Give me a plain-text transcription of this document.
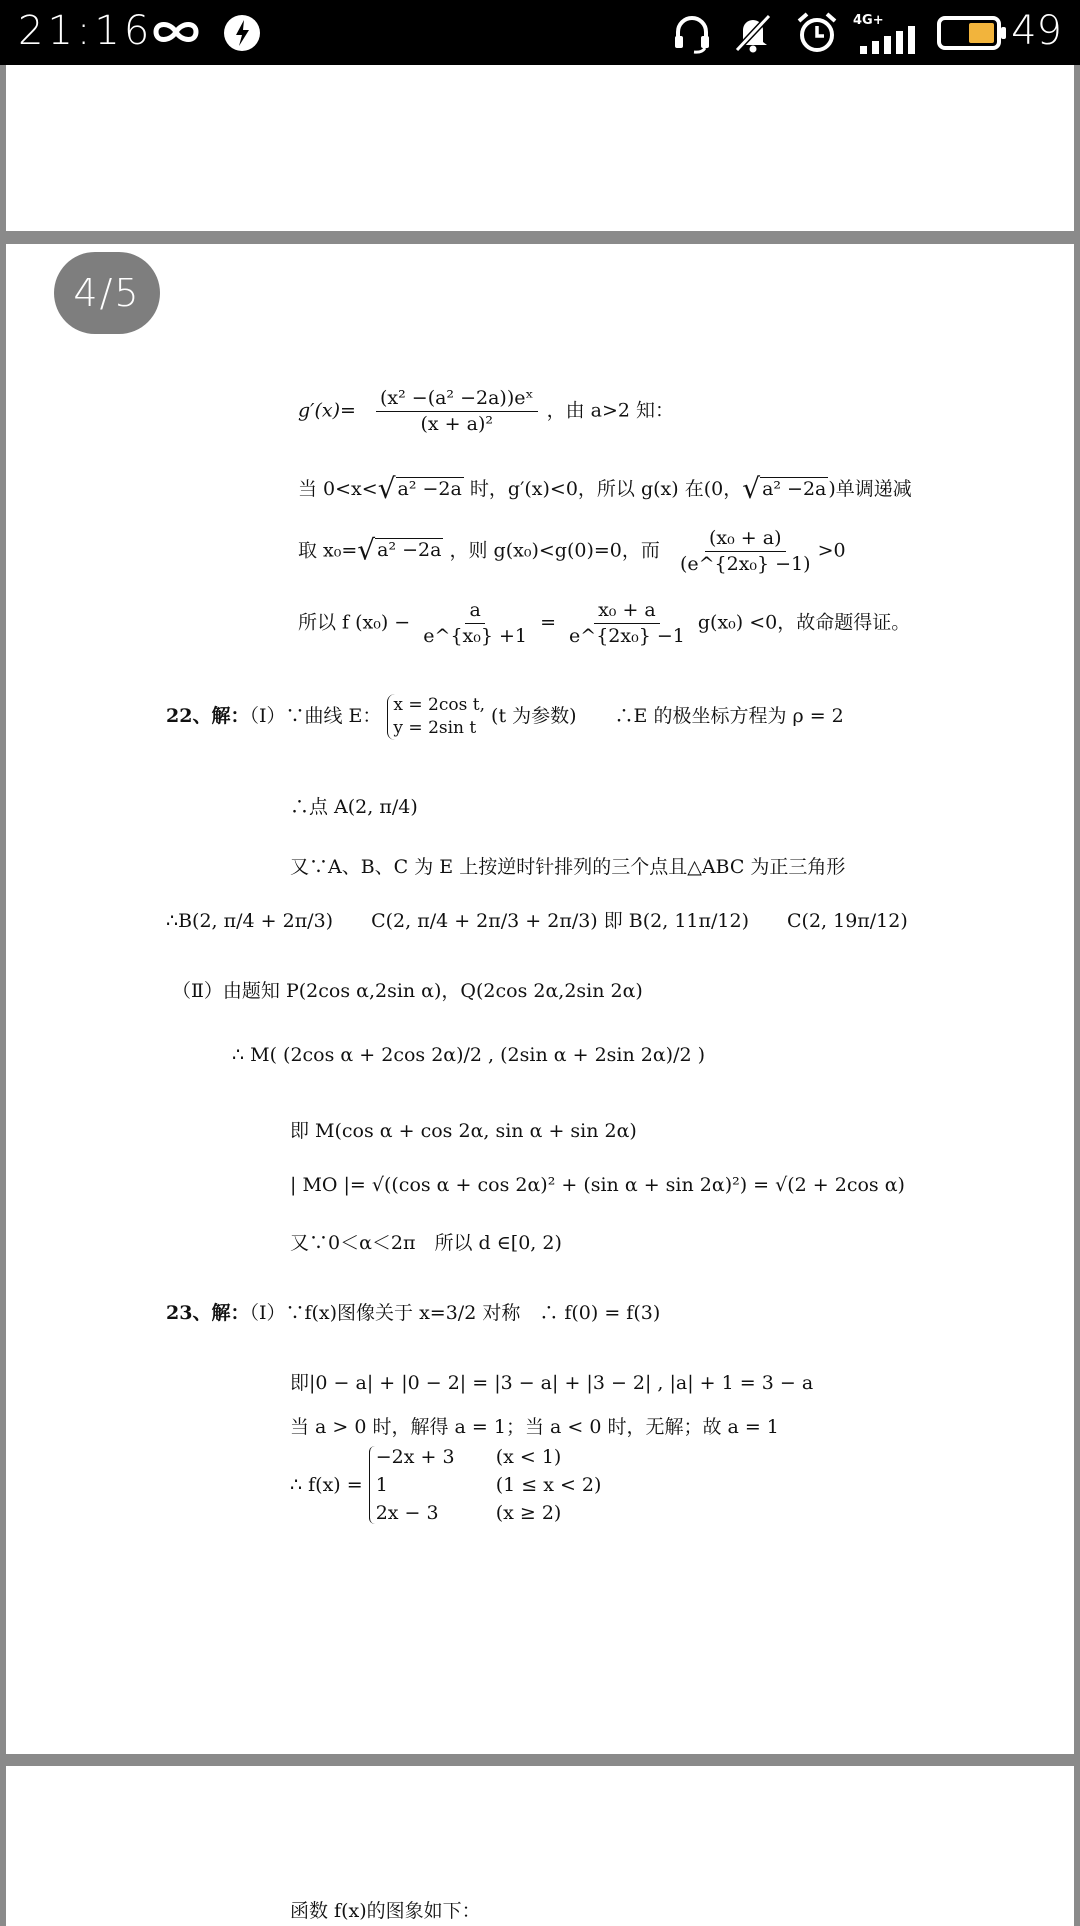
21:16	4G+	49
函数 f(x)的图象如下：
4/5
$g'(x)= \frac{\text{(x² −(a² −2a))eˣ}}{\text{(x + a)²}}$ ，由 a>2 知：
当 0<x<√ a² −2a 时，g′(x)<0，所以 g(x) 在(0，√ a² −2a )单调递减
取 x₀=√ a² −2a ，则 g(x₀)<g(0)=0，而 $\frac{\text{(x₀ + a)}}{\text{(e\textasciicircum{}\{2x₀\} −1)}} >0$
所以 f $(x_0) - \frac{a}{\text{e\textasciicircum{}\{x₀\} +1}} = \frac{\text{x₀ + a}}{\text{e\textasciicircum{}\{2x₀\} −1}} g(x_0) <0$，故命题得证。
22、解：（Ⅰ）∵曲线 E： x = 2cos t,
y = 2sin t
(t 为参数)　　∴E 的极坐标方程为 ρ = 2
∴点 A(2, π/4)
又∵A、B、C 为 E 上按逆时针排列的三个点且△ABC 为正三角形
∴B(2, π/4 + 2π/3)　　C(2, π/4 + 2π/3 + 2π/3) 即 B(2, 11π/12)　　C(2, 19π/12)
（Ⅱ）由题知 P(2cos α,2sin α)，Q(2cos 2α,2sin 2α)
∴ M( (2cos α + 2cos 2α)/2 , (2sin α + 2sin 2α)/2 )
即 M(cos α + cos 2α, sin α + sin 2α)
| MO |= √((cos α + cos 2α)² + (sin α + sin 2α)²) = √(2 + 2cos α)
又∵0＜α＜2π　所以 d ∈[0, 2)
23、解：（Ⅰ）∵f(x)图像关于 x=3/2 对称　∴ f(0) = f(3)
即|0 − a| + |0 − 2| = |3 − a| + |3 − 2| , |a| + 1 = 3 − a
当 a > 0 时，解得 a = 1；当 a < 0 时，无解；故 a = 1
∴ f(x) =
−2x + 3	(x < 1)
1	(1 ≤ x < 2)
2x − 3	(x ≥ 2)
